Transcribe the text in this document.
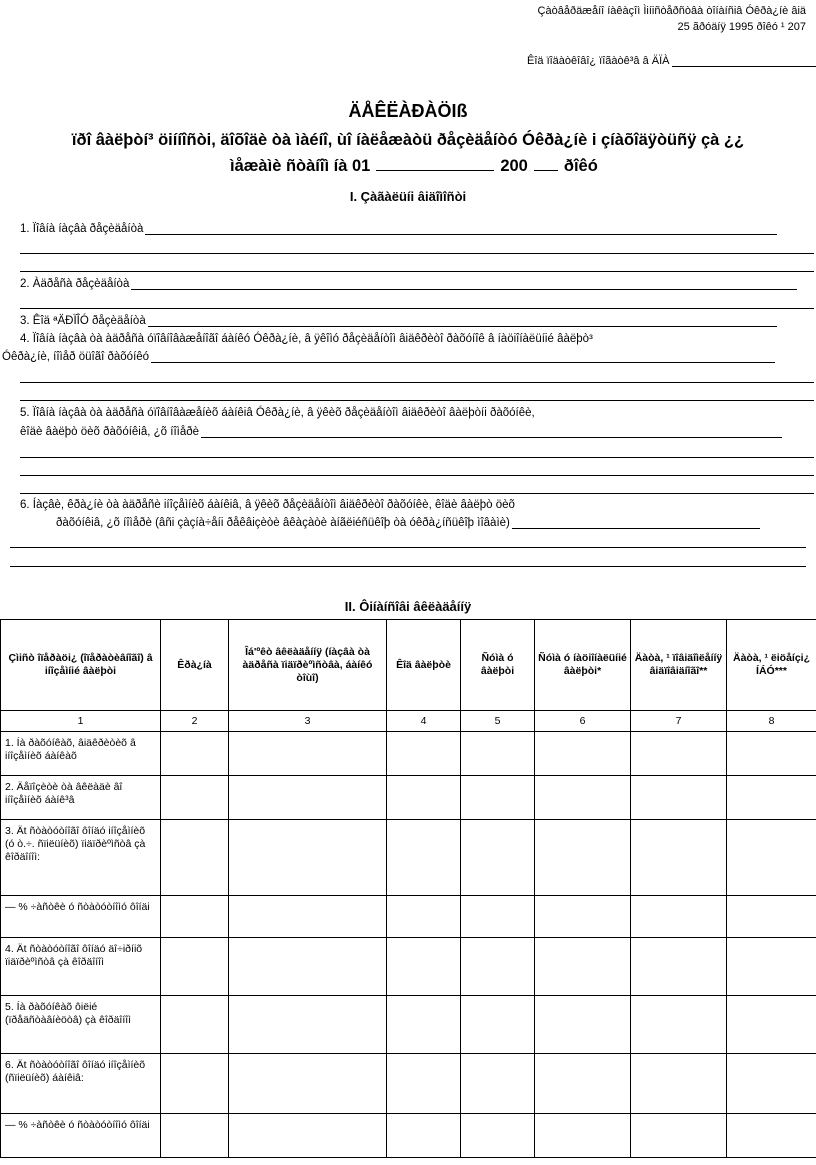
Çàòâåðäæåíî íàêàçîì Ìiíiñòåðñòâà òîíàíñiâ Óêðà¿íè âiä
25 ãðóäíÿ 1995 ðîêó ¹ 207
Êîä ïîäàòêîâî¿ ïîãàòê³â â ÄÏÀ
ÄÅÊËÀÐÀÖIß
ïðî âàëþòí³ öiííîñòi, äîõîäè òà ìàéíî, ùî íàëåæàòü ðåçèäåíòó Óêðà¿íè i çíàõîäÿòüñÿ çà ¿¿
ìåæàìè ñòàíîì íà 01	200 ðîêó
I. Çàãàëüíi âiäîìîñòi
1. Ïîâíà íàçâà ðåçèäåíòà
2. Àäðåñà ðåçèäåíòà
3. Êîä ªÄÐÏÎÓ ðåçèäåíòà
4. Ïîâíà íàçâà òà àäðåñà óïîâíîâàæåíîãî áàíêó Óêðà¿íè, â ÿêîìó ðåçèäåíòîì âiäêðèòî ðàõóíîê â íàöiîíàëüíié âàëþò³
Óêðà¿íè, íîìåð öüîãî ðàõóíêó
5. Ïîâíà íàçâà òà àäðåñà óïîâíîâàæåíèõ áàíêiâ Óêðà¿íè, â ÿêèõ ðåçèäåíòîì âiäêðèòî âàëþòíi ðàõóíêè,
êîäè âàëþò öèõ ðàõóíêiâ, ¿õ íîìåðè
6. Íàçâè, êðà¿íè òà àäðåñè iíîçåìíèõ áàíêiâ, â ÿêèõ ðåçèäåíòîì âiäêðèòî ðàõóíêè, êîäè âàëþò öèõ
ðàõóíêiâ, ¿õ íîìåðè (âñi çàçíà÷åíi ðåêâiçèòè âêàçàòè àíãëiéñüêîþ òà óêðà¿íñüêîþ ìîâàìè)
II. Ôiíàíñîâi âêëàäåííÿ
Çìiñò îïåðàöi¿ (îïåðàòèâíîãî) â iíîçåìíié âàëþòi	Êðà¿íà	Îá'ºêò âêëàäåííÿ (íàçâà òà àäðåñà ïiäïðèºìñòâà, áàíêó òîùî)	Êîä âàëþòè	Ñóìà ó âàëþòi	Ñóìà ó íàöiîíàëüíié âàëþòi*	Äàòà, ¹ ïîâiäîìëåííÿ âiäïîâiäíîãî**	Äàòà, ¹ ëiöåíçi¿ ÍÁÓ***
1	2	3	4	5	6	7	8
1. Íà ðàõóíêàõ, âiäêðèòèõ â iíîçåìíèõ áàíêàõ							
2. Äåïîçèòè òà âêëàäè âî iíîçåìíèõ áàíê³â							
3. Ät ñòàòóòíîãî ôîíäó iíîçåìíèõ (ó ò.÷. ñïiëüíèõ) ïiäïðèºìñòâ çà êîðäîíîì:							
— % ÷àñòêè ó ñòàòóòíîìó ôîíäi							
4. Ät ñòàòóòíîãî ôîíäó äî÷iðíiõ ïiäïðèºìñòâ çà êîðäîíîì							
5. Íà ðàõóíêàõ ôiëié (ïðåäñòàâíèöòâ) çà êîðäîíîì							
6. Ät ñòàòóòíîãî ôîíäó iíîçåìíèõ (ñïiëüíèõ) áàíêiâ:							
— % ÷àñòêè ó ñòàòóòíîìó ôîíäi							
